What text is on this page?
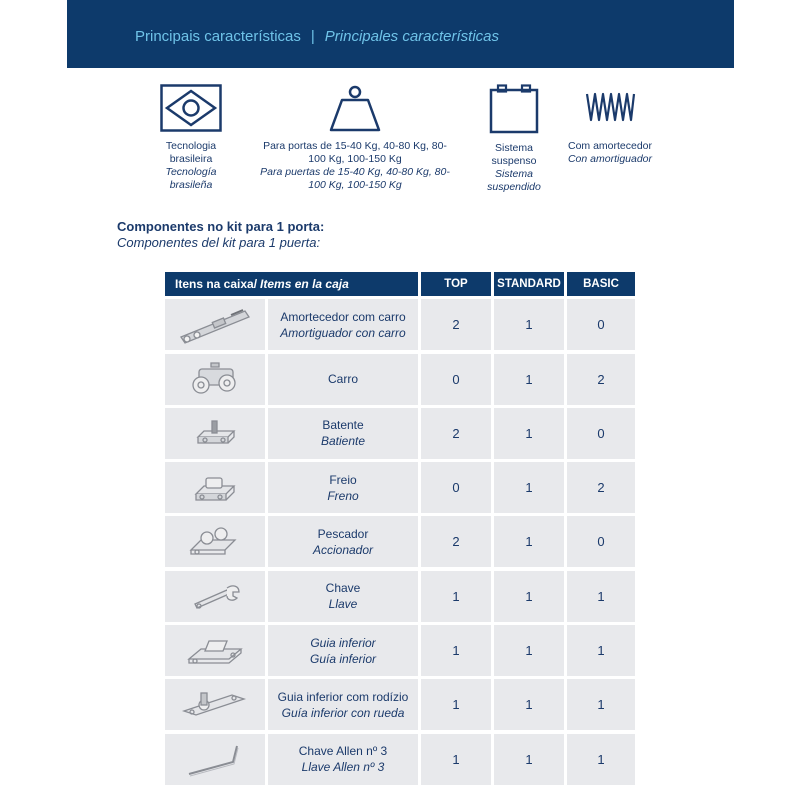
Principais características | Principales características
Tecnologia brasileira
Tecnología brasileña
Para portas de 15-40 Kg, 40-80 Kg, 80-100 Kg, 100-150 Kg
Para puertas de 15-40 Kg, 40-80 Kg, 80-100 Kg, 100-150 Kg
Sistema suspenso
Sistema suspendido
Com amortecedor
Con amortiguador
Componentes no kit para 1 porta:
Componentes del kit para 1 puerta:
Itens na caixa/ Items en la caja	TOP	STANDARD	BASIC
Amortecedor com carro
Amortiguador con carro
2	1	0
Carro	0	1	2
Batente
Batiente
2	1	0
Freio
Freno
0	1	2
Pescador
Accionador
2	1	0
Chave
Llave
1	1	1
Guia inferior
Guía inferior
1	1	1
Guia inferior com rodízio
Guía inferior con rueda
1	1	1
Chave Allen nº 3
Llave Allen nº 3
1	1	1
